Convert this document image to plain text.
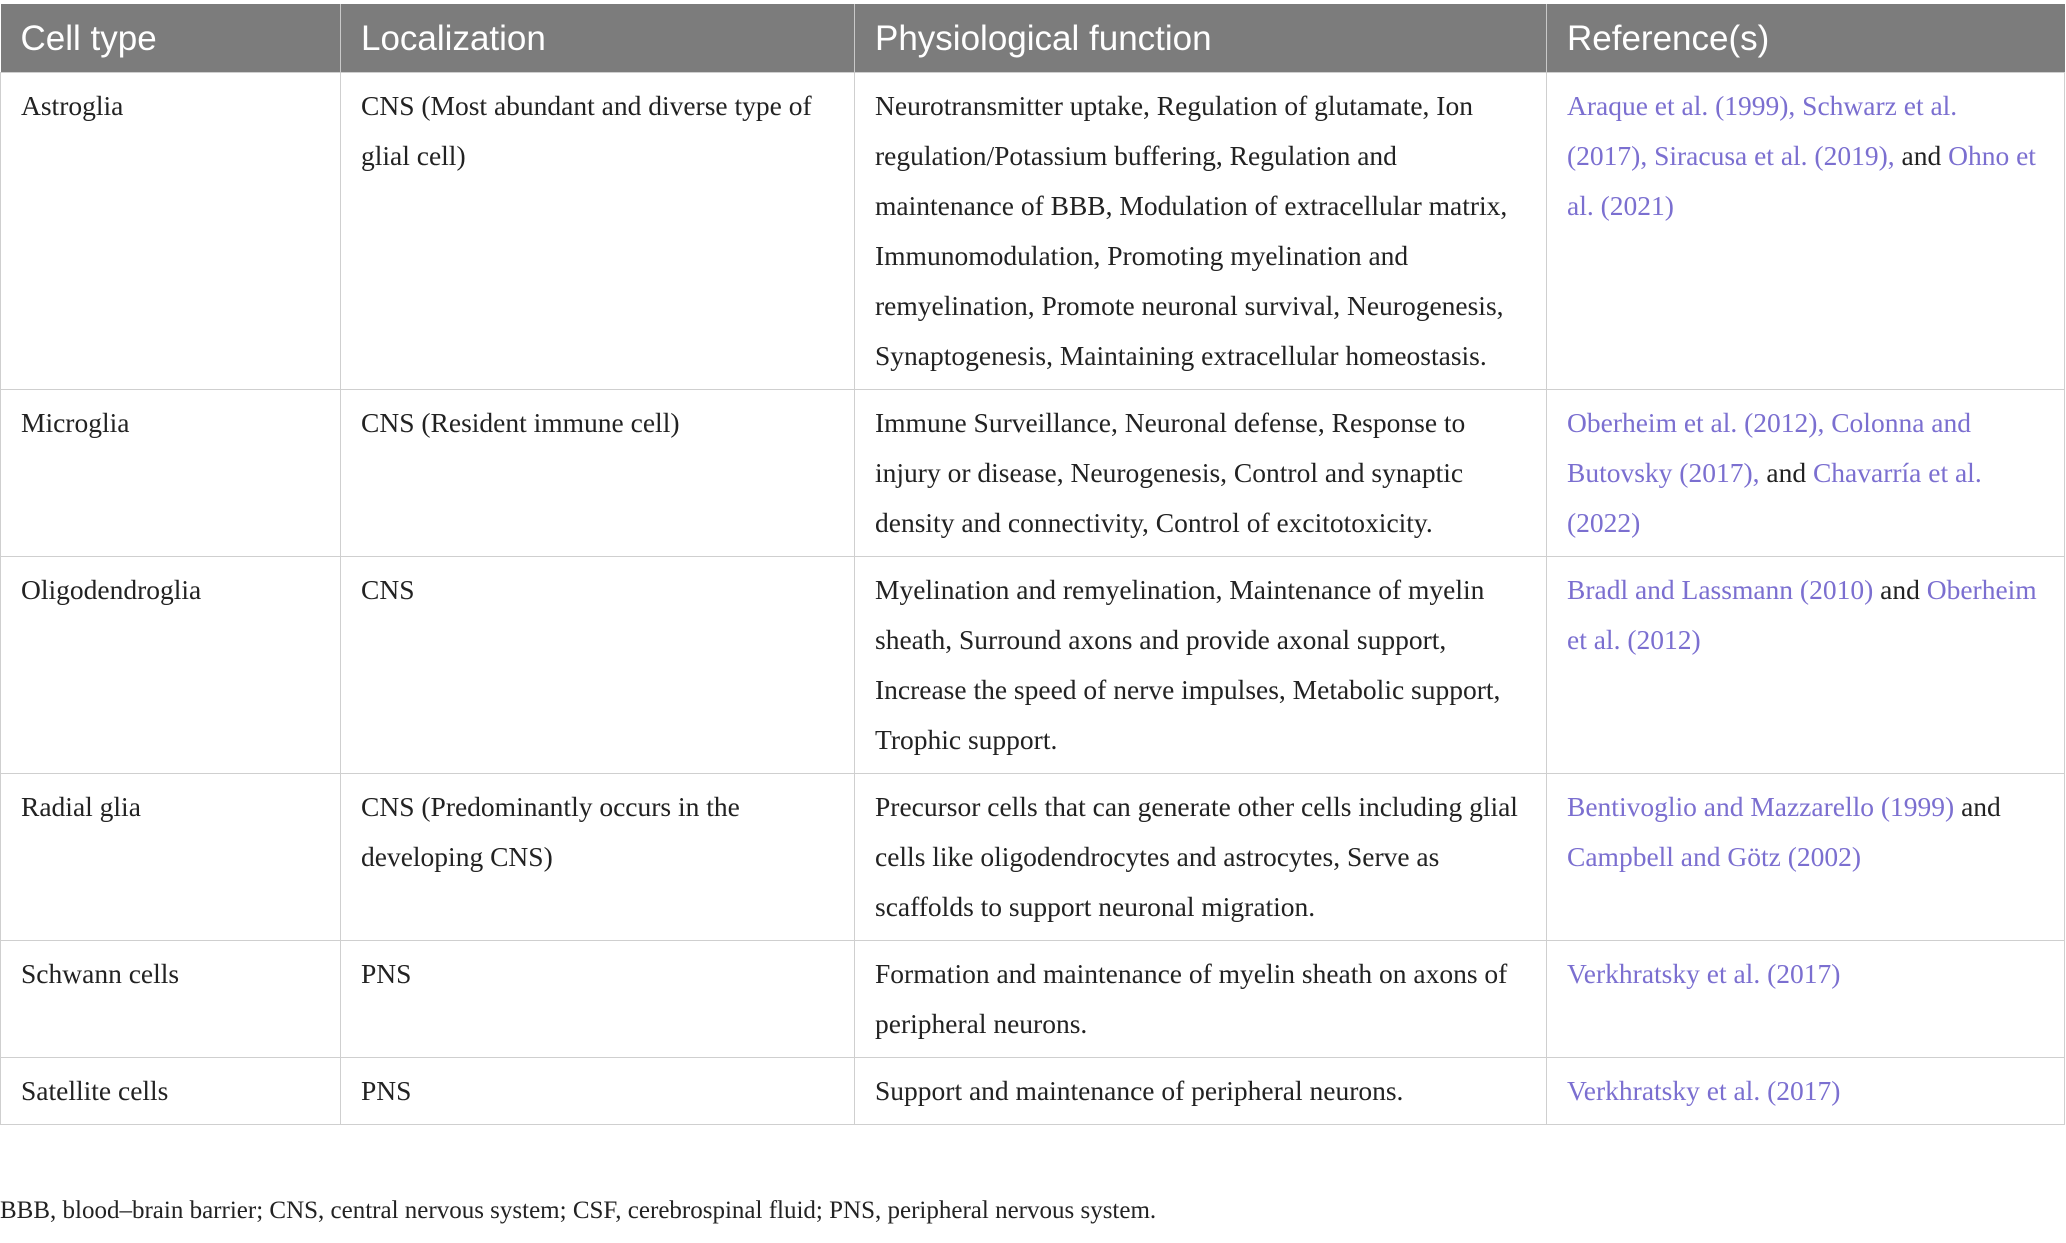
Cell type	Localization	Physiological function	Reference(s)
Astroglia	CNS (Most abundant and diverse type of glial cell)	Neurotransmitter uptake, Regulation of glutamate, Ion regulation/Potassium buffering, Regulation and maintenance of BBB, Modulation of extracellular matrix, Immunomodulation, Promoting myelination and remyelination, Promote neuronal survival, Neurogenesis, Synaptogenesis, Maintaining extracellular homeostasis.	Araque et al. (1999), Schwarz et al. (2017), Siracusa et al. (2019), and Ohno et al. (2021)
Microglia	CNS (Resident immune cell)	Immune Surveillance, Neuronal defense, Response to injury or disease, Neurogenesis, Control and synaptic density and connectivity, Control of excitotoxicity.	Oberheim et al. (2012), Colonna and Butovsky (2017), and Chavarría et al. (2022)
Oligodendroglia	CNS	Myelination and remyelination, Maintenance of myelin sheath, Surround axons and provide axonal support, Increase the speed of nerve impulses, Metabolic support, Trophic support.	Bradl and Lassmann (2010) and Oberheim et al. (2012)
Radial glia	CNS (Predominantly occurs in the developing CNS)	Precursor cells that can generate other cells including glial cells like oligodendrocytes and astrocytes, Serve as scaffolds to support neuronal migration.	Bentivoglio and Mazzarello (1999) and Campbell and Götz (2002)
Schwann cells	PNS	Formation and maintenance of myelin sheath on axons of peripheral neurons.	Verkhratsky et al. (2017)
Satellite cells	PNS	Support and maintenance of peripheral neurons.	Verkhratsky et al. (2017)
BBB, blood–brain barrier; CNS, central nervous system; CSF, cerebrospinal fluid; PNS, peripheral nervous system.
